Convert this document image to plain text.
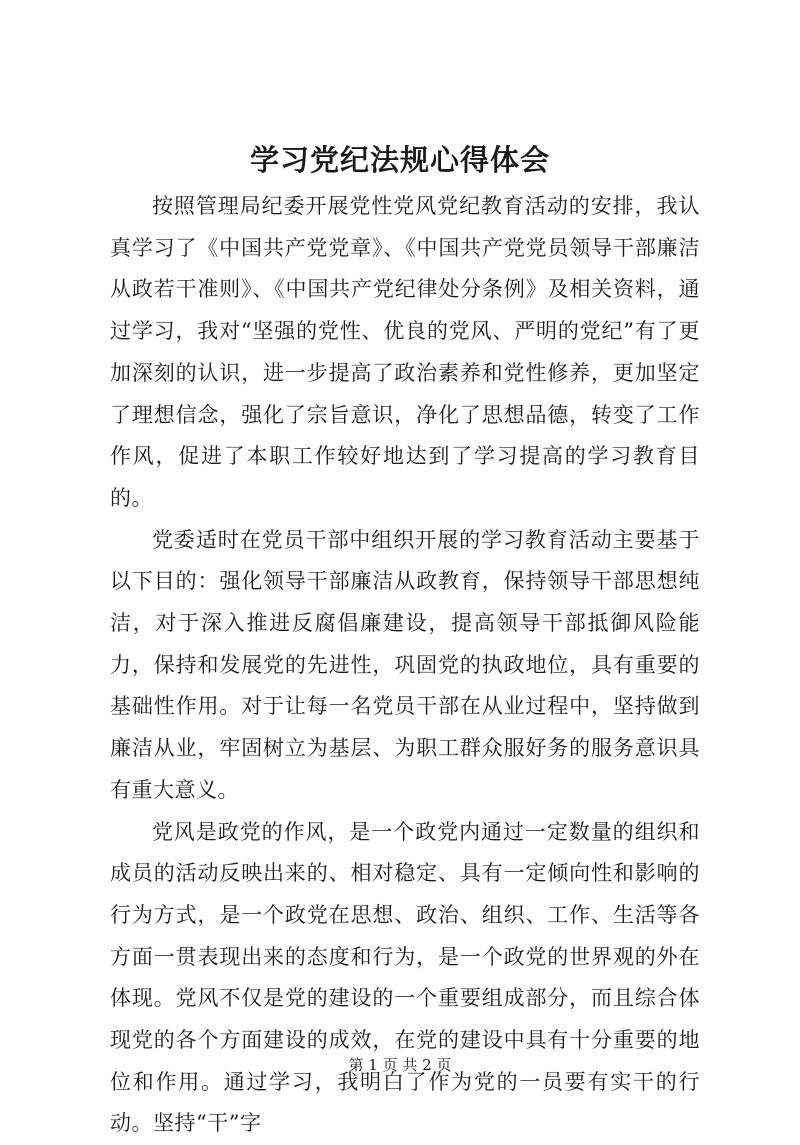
学习党纪法规心得体会

按照管理局纪委开展党性党风党纪教育活动的安排，我认真学习了《中国共产党党章》、《中国共产党党员领导干部廉洁从政若干准则》、《中国共产党纪律处分条例》及相关资料，通过学习，我对“坚强的党性、优良的党风、严明的党纪”有了更加深刻的认识，进一步提高了政治素养和党性修养，更加坚定了理想信念，强化了宗旨意识，净化了思想品德，转变了工作作风，促进了本职工作较好地达到了学习提高的学习教育目的。

党委适时在党员干部中组织开展的学习教育活动主要基于以下目的：强化领导干部廉洁从政教育，保持领导干部思想纯洁，对于深入推进反腐倡廉建设，提高领导干部抵御风险能力，保持和发展党的先进性，巩固党的执政地位，具有重要的基础性作用。对于让每一名党员干部在从业过程中，坚持做到廉洁从业，牢固树立为基层、为职工群众服好务的服务意识具有重大意义。

党风是政党的作风，是一个政党内通过一定数量的组织和成员的活动反映出来的、相对稳定、具有一定倾向性和影响的行为方式，是一个政党在思想、政治、组织、工作、生活等各方面一贯表现出来的态度和行为，是一个政党的世界观的外在体现。党风不仅是党的建设的一个重要组成部分，而且综合体现党的各个方面建设的成效，在党的建设中具有十分重要的地位和作用。通过学习，我明白了作为党的一员要有实干的行动。坚持“干”字

第 1 页 共 2 页
